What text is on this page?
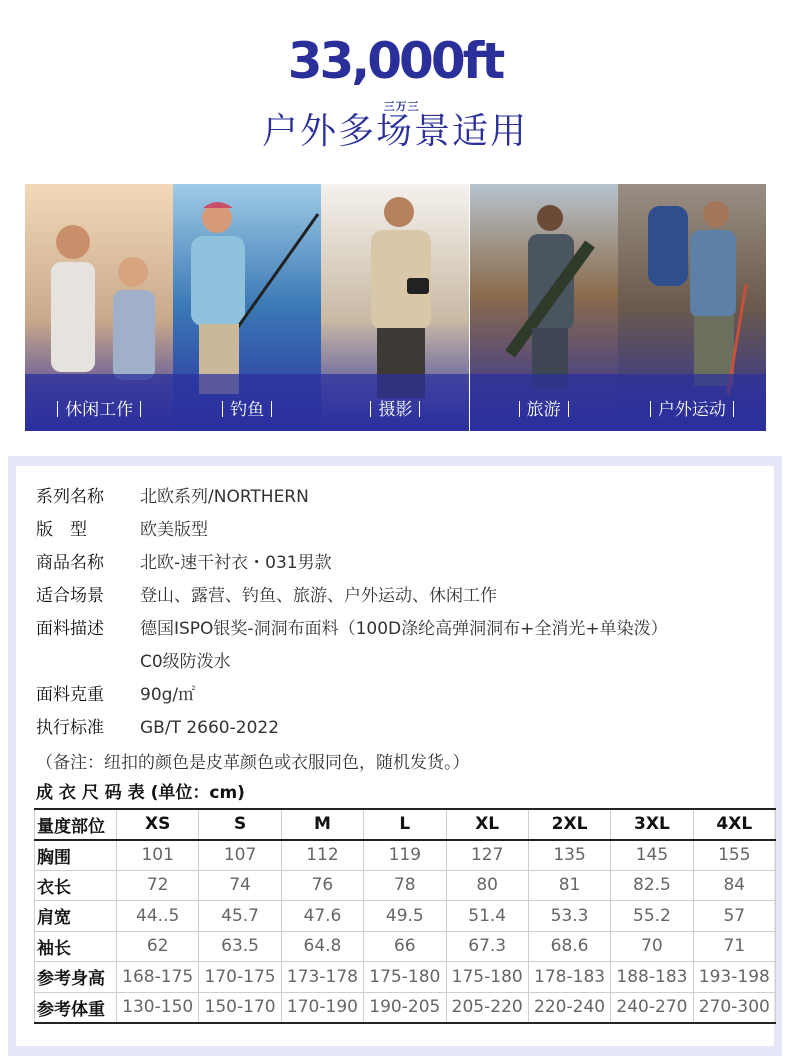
33,000ft
三万三
户外多场景适用
休闲工作	钓鱼	摄影	旅游	户外运动
系列名称	北欧系列/NORTHERN
版　型	欧美版型
商品名称	北欧-速干衬衣・031男款
适合场景	登山、露营、钓鱼、旅游、户外运动、休闲工作
面料描述	德国ISPO银奖-洞洞布面料（100D涤纶高弹洞洞布+全消光+单染泼）
C0级防泼水
面料克重	90g/㎡
执行标准	GB/T 2660-2022
（备注：纽扣的颜色是皮革颜色或衣服同色，随机发货。）
成 衣 尺 码 表 (单位：cm)
量度部位	XS	S	M	L	XL	2XL	3XL	4XL
胸围	101	107	112	119	127	135	145	155
衣长	72	74	76	78	80	81	82.5	84
肩宽	44..5	45.7	47.6	49.5	51.4	53.3	55.2	57
袖长	62	63.5	64.8	66	67.3	68.6	70	71
参考身高	168-175	170-175	173-178	175-180	175-180	178-183	188-183	193-198
参考体重	130-150	150-170	170-190	190-205	205-220	220-240	240-270	270-300
